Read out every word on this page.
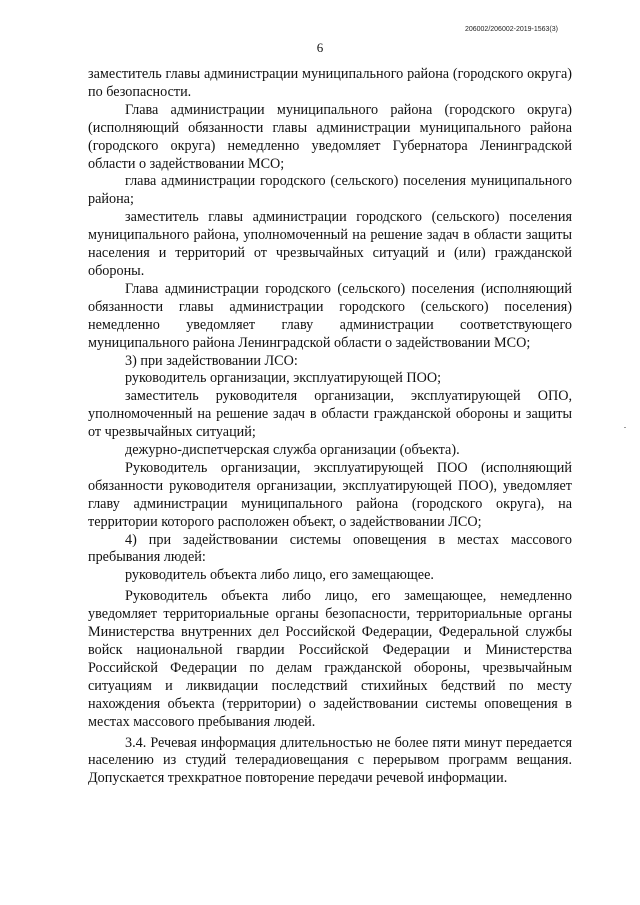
206002/206002-2019-1563(3)
6

заместитель главы администрации муниципального района (городского округа) по безопасности.

Глава администрации муниципального района (городского округа) (исполняющий обязанности главы администрации муниципального района (городского округа) немедленно уведомляет Губернатора Ленинградской области о задействовании МСО;

глава администрации городского (сельского) поселения муниципального района;

заместитель главы администрации городского (сельского) поселения муниципального района, уполномоченный на решение задач в области защиты населения и территорий от чрезвычайных ситуаций и (или) гражданской обороны.

Глава администрации городского (сельского) поселения (исполняющий обязанности главы администрации городского (сельского) поселения) немедленно уведомляет главу администрации соответствующего муниципального района Ленинградской области о задействовании МСО;

3) при задействовании ЛСО:

руководитель организации, эксплуатирующей ПОО;

заместитель руководителя организации, эксплуатирующей ОПО, уполномоченный на решение задач в области гражданской обороны и защиты от чрезвычайных ситуаций;

дежурно-диспетчерская служба организации (объекта).

Руководитель организации, эксплуатирующей ПОО (исполняющий обязанности руководителя организации, эксплуатирующей ПОО), уведомляет главу администрации муниципального района (городского округа), на территории которого расположен объект, о задействовании ЛСО;

4) при задействовании системы оповещения в местах массового пребывания людей:

руководитель объекта либо лицо, его замещающее.

Руководитель объекта либо лицо, его замещающее, немедленно уведомляет территориальные органы безопасности, территориальные органы Министерства внутренних дел Российской Федерации, Федеральной службы войск национальной гвардии Российской Федерации и Министерства Российской Федерации по делам гражданской обороны, чрезвычайным ситуациям и ликвидации последствий стихийных бедствий по месту нахождения объекта (территории) о задействовании системы оповещения в местах массового пребывания людей.

3.4. Речевая информация длительностью не более пяти минут передается населению из студий телерадиовещания с перерывом программ вещания. Допускается трехкратное повторение передачи речевой информации.
